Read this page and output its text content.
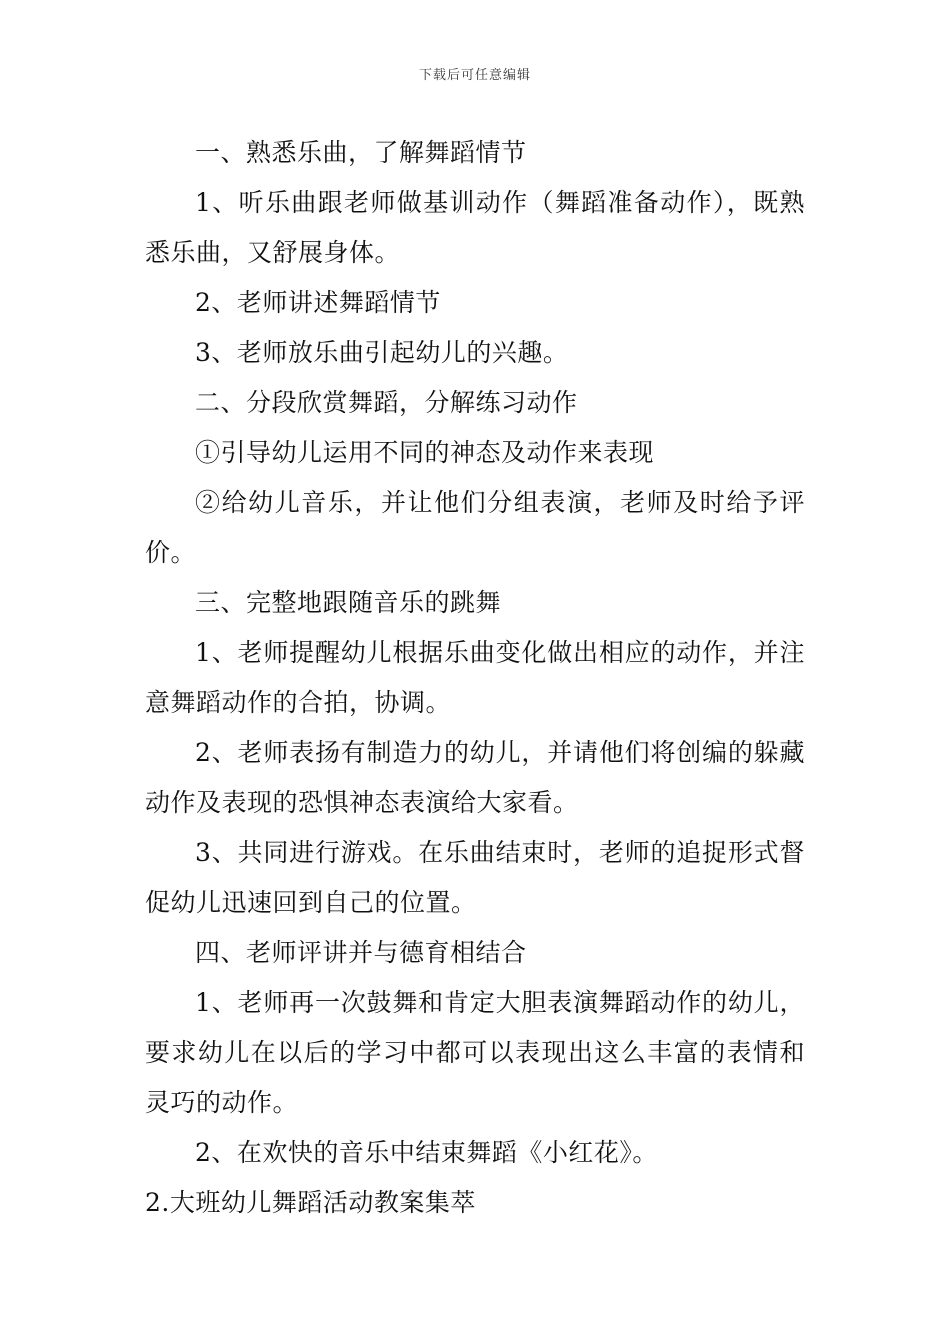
下载后可任意编辑

一、熟悉乐曲，了解舞蹈情节

1、听乐曲跟老师做基训动作（舞蹈准备动作），既熟悉乐曲，又舒展身体。

2、老师讲述舞蹈情节

3、老师放乐曲引起幼儿的兴趣。

二、分段欣赏舞蹈，分解练习动作

①引导幼儿运用不同的神态及动作来表现

②给幼儿音乐，并让他们分组表演，老师及时给予评价。

三、完整地跟随音乐的跳舞

1、老师提醒幼儿根据乐曲变化做出相应的动作，并注意舞蹈动作的合拍，协调。

2、老师表扬有制造力的幼儿，并请他们将创编的躲藏动作及表现的恐惧神态表演给大家看。

3、共同进行游戏。在乐曲结束时，老师的追捉形式督促幼儿迅速回到自己的位置。

四、老师评讲并与德育相结合

1、老师再一次鼓舞和肯定大胆表演舞蹈动作的幼儿，要求幼儿在以后的学习中都可以表现出这么丰富的表情和灵巧的动作。

2、在欢快的音乐中结束舞蹈《小红花》。

2.大班幼儿舞蹈活动教案集萃
